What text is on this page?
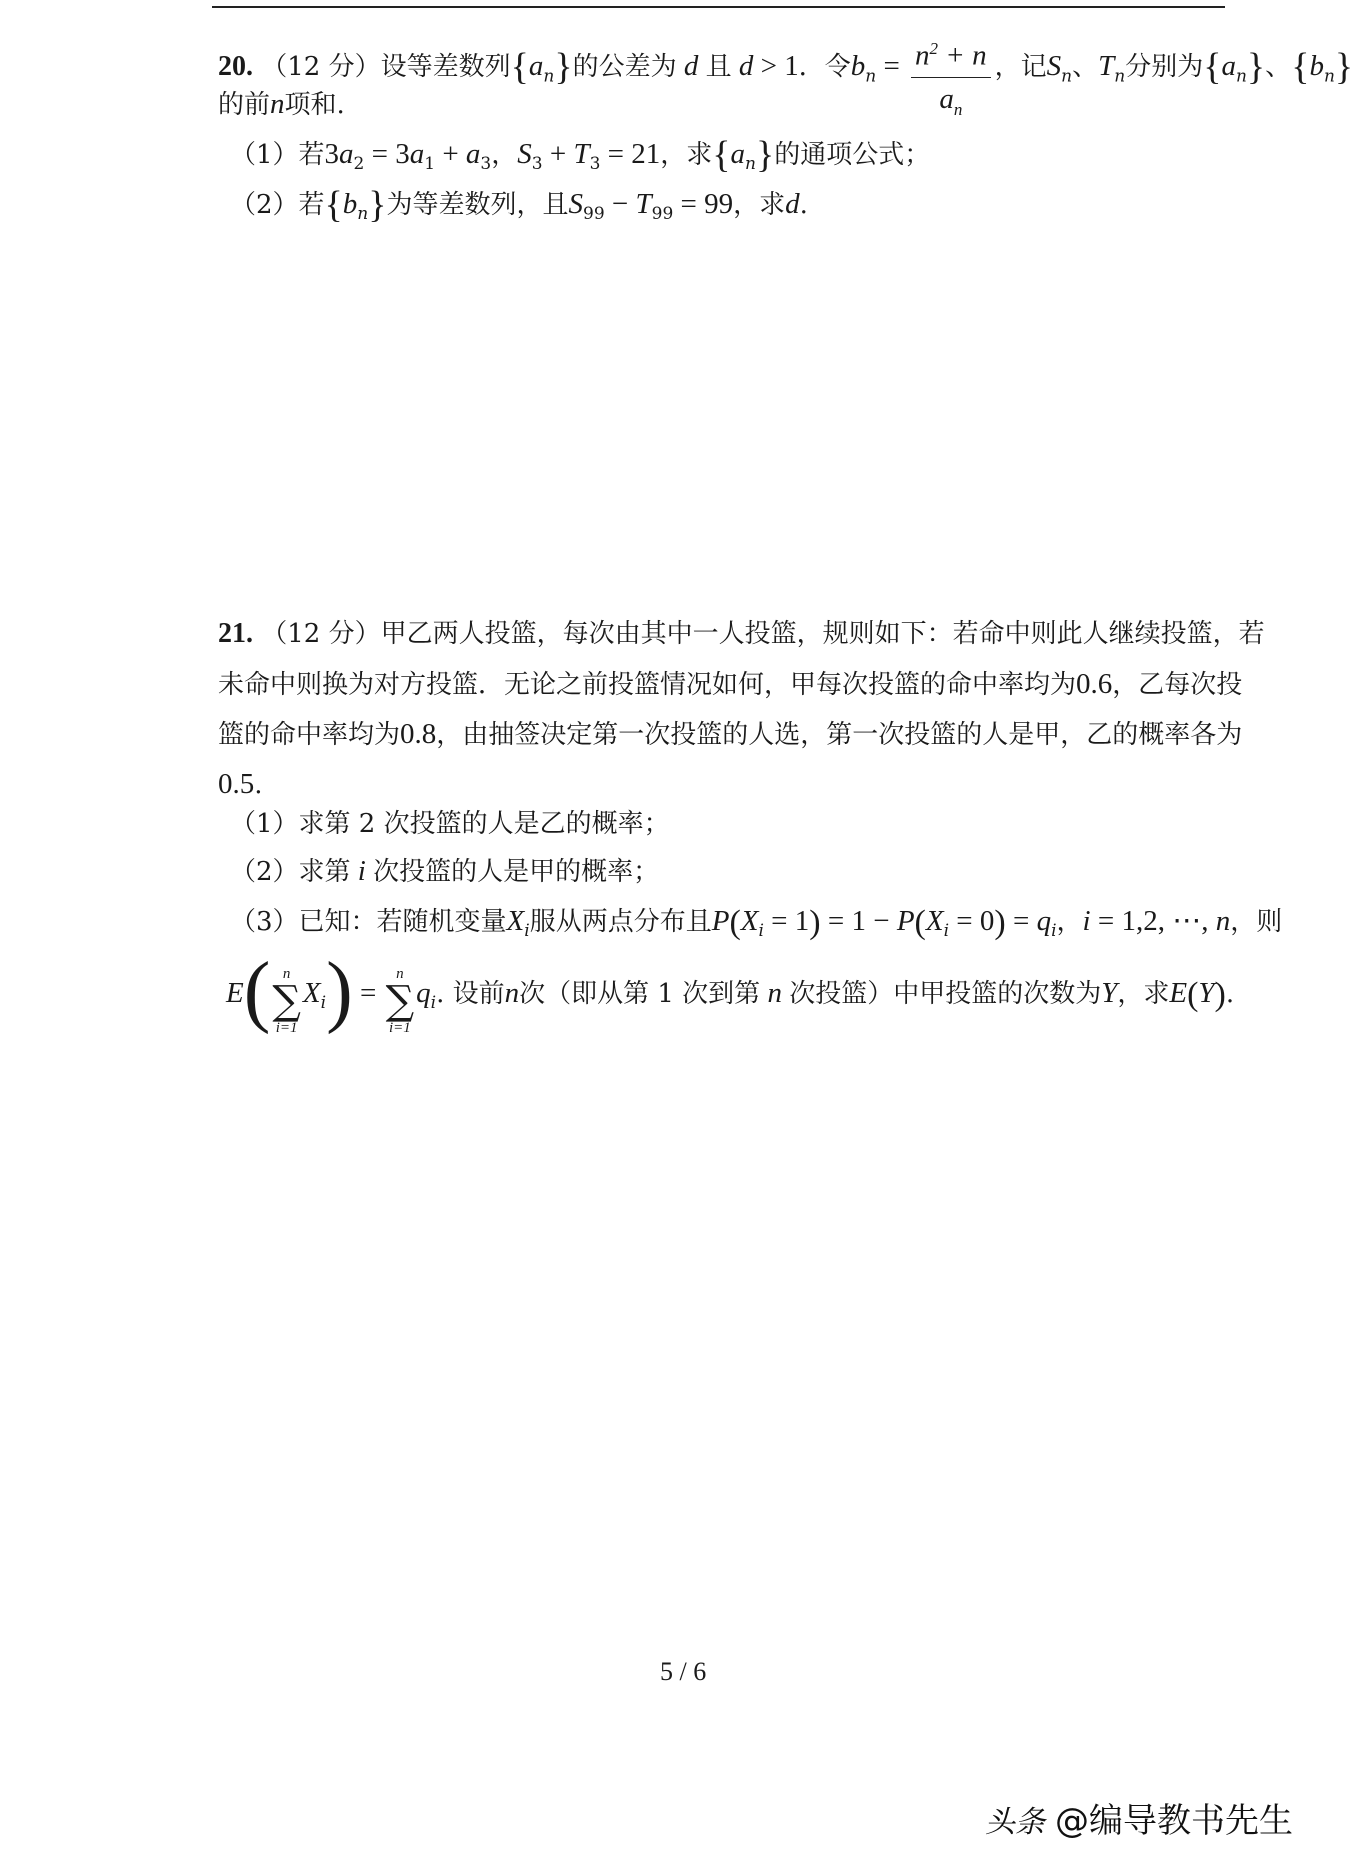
20. （12 分）设等差数列$\{a_n\}$的公差为 d 且 d > 1．令$b_n = \frac{n^2 + n}{a_n}$ ，记$S_n$、$T_n$分别为$\{a_n\}$、$\{b_n\}$
的前n项和.
（1）若$3a_2 = 3a_1 + a_3$，$S_3 + T_3 = 21$，求$\{a_n\}$的通项公式；
（2）若$\{b_n\}$为等差数列，且$S_{99} - T_{99} = 99$，求d.
21. （12 分）甲乙两人投篮，每次由其中一人投篮，规则如下：若命中则此人继续投篮，若
未命中则换为对方投篮．无论之前投篮情况如何，甲每次投篮的命中率均为0.6，乙每次投
篮的命中率均为0.8，由抽签决定第一次投篮的人选，第一次投篮的人是甲，乙的概率各为
0.5.
（1）求第 2 次投篮的人是乙的概率；
（2）求第 i 次投篮的人是甲的概率；
（3）已知：若随机变量$X_i$服从两点分布且$P(X_i = 1) = 1 - P(X_i = 0) = q_i$，i = 1,2, ⋯, n，则
E( n
∑
i=1
$X_i$) =
n
∑
i=1
$q_i$. 设前n次（即从第 1 次到第 n 次投篮）中甲投篮的次数为Y，求E(Y).
5 / 6
头条 @编导教书先生
